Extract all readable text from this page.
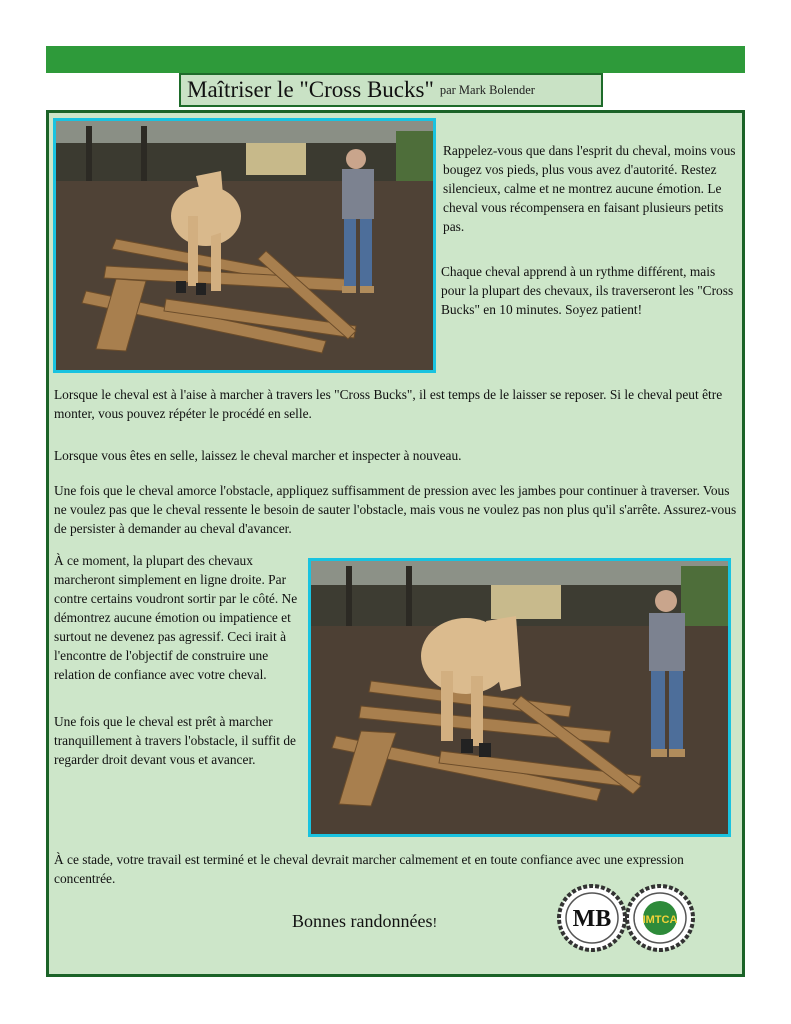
Maîtriser le "Cross Bucks" par Mark Bolender
Rappelez-vous que dans l'esprit du cheval, moins vous bougez vos pieds, plus vous avez d'autorité. Restez silencieux, calme et ne montrez aucune émotion. Le cheval vous récompensera en faisant plusieurs petits pas.
Chaque cheval apprend à un rythme différent, mais pour la plupart des chevaux, ils traverseront les "Cross Bucks" en 10 minutes. Soyez patient!
Lorsque le cheval est à l'aise à marcher à travers les "Cross Bucks", il est temps de le laisser se reposer. Si le cheval peut être monter, vous pouvez répéter le procédé en selle.
Lorsque vous êtes en selle, laissez le cheval marcher et inspecter à nouveau.
Une fois que le cheval amorce l'obstacle, appliquez suffisamment de pression avec les jambes pour continuer à traverser. Vous ne voulez pas que le cheval ressente le besoin de sauter l'obstacle, mais vous ne voulez pas non plus qu'il s'arrête. Assurez-vous de persister à demander au cheval d'avancer.
À ce moment, la plupart des chevaux marcheront simplement en ligne droite. Par contre certains voudront sortir par le côté. Ne démontrez aucune émotion ou impatience et surtout ne devenez pas agressif. Ceci irait à l'encontre de l'objectif de construire une relation de confiance avec votre cheval.
Une fois que le cheval est prêt à marcher tranquillement à travers l'obstacle, il suffit de regarder droit devant vous et avancer.
À ce stade, votre travail est terminé et le cheval devrait marcher calmement et en toute confiance avec une expression concentrée.
Bonnes randonnées!	MB	IMTCA
